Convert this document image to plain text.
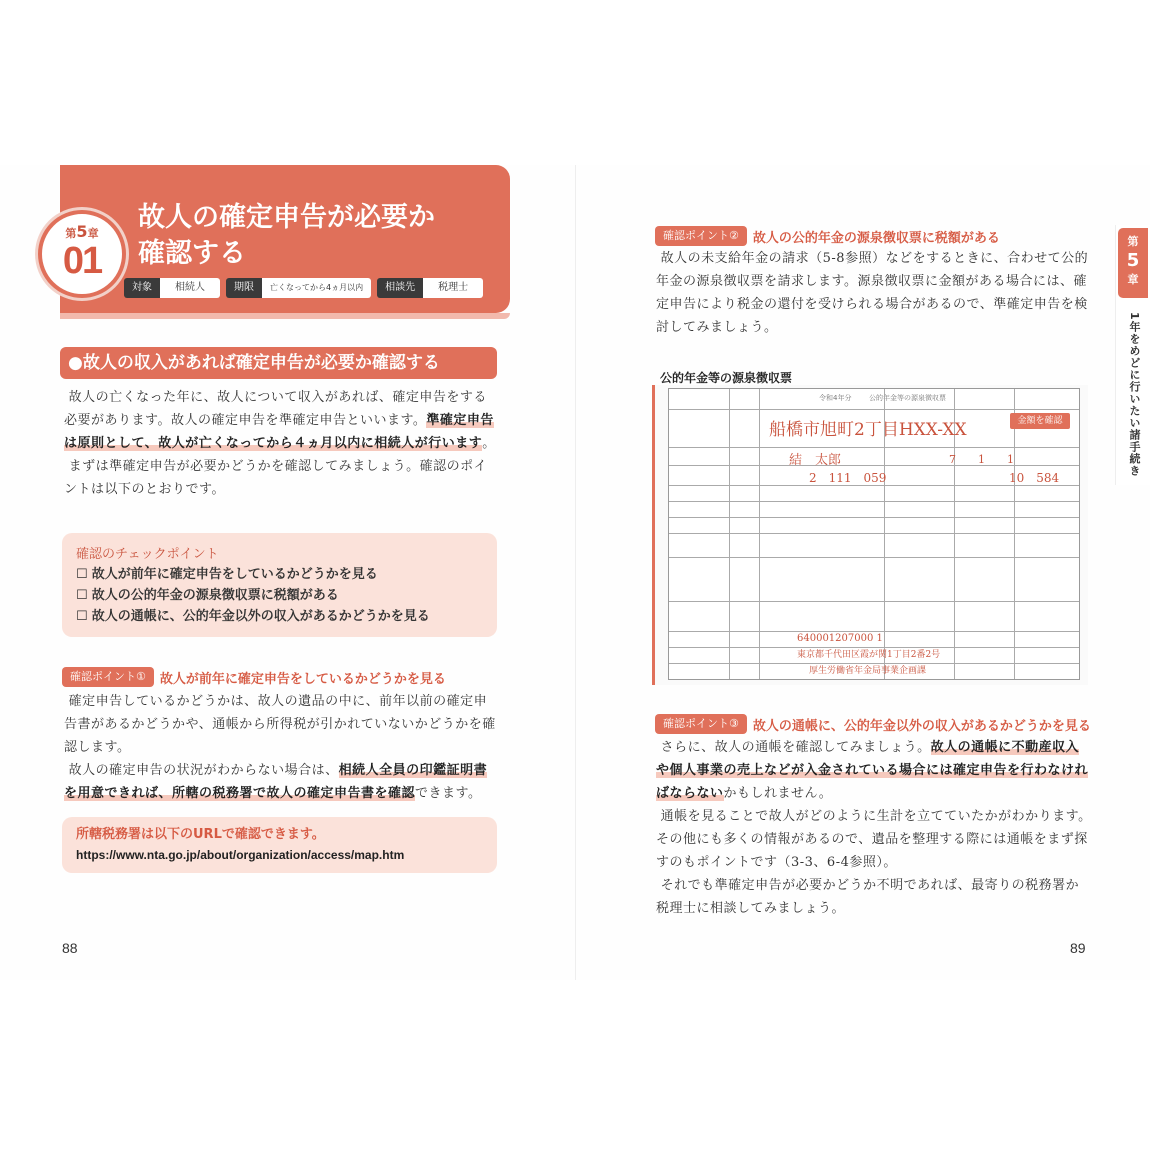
第5章
01
故人の確定申告が必要か
確認する
対象	相続人	期限	亡くなってから4ヵ月以内	相談先	税理士
●故人の収入があれば確定申告が必要か確認する
故人の亡くなった年に、故人について収入があれば、確定申告をする必要があります。故人の確定申告を準確定申告といいます。準確定申告は原則として、故人が亡くなってから４ヵ月以内に相続人が行います。
まずは準確定申告が必要かどうかを確認してみましょう。確認のポイントは以下のとおりです。
確認のチェックポイント
☐ 故人が前年に確定申告をしているかどうかを見る
☐ 故人の公的年金の源泉徴収票に税額がある
☐ 故人の通帳に、公的年金以外の収入があるかどうかを見る
確認ポイント①	故人が前年に確定申告をしているかどうかを見る
確定申告しているかどうかは、故人の遺品の中に、前年以前の確定申告書があるかどうかや、通帳から所得税が引かれていないかどうかを確認します。
故人の確定申告の状況がわからない場合は、相続人全員の印鑑証明書を用意できれば、所轄の税務署で故人の確定申告書を確認できます。
所轄税務署は以下のURLで確認できます。
https://www.nta.go.jp/about/organization/access/map.htm
88
確認ポイント②	故人の公的年金の源泉徴収票に税額がある
故人の未支給年金の請求（5-8参照）などをするときに、合わせて公的年金の源泉徴収票を請求します。源泉徴収票に金額がある場合には、確定申告により税金の還付を受けられる場合があるので、準確定申告を検討してみましょう。
公的年金等の源泉徴収票
令和4年分	公的年金等の源泉徴収票
船橋市旭町2丁目HXX-XX
結　太郎	7　　1　　1
2　111　059	10　584
640001207000 1
東京都千代田区霞が関1丁目2番2号
厚生労働省年金局事業企画課
金額を確認
確認ポイント③	故人の通帳に、公的年金以外の収入があるかどうかを見る
さらに、故人の通帳を確認してみましょう。故人の通帳に不動産収入や個人事業の売上などが入金されている場合には確定申告を行わなければならないかもしれません。
通帳を見ることで故人がどのように生計を立てていたかがわかります。その他にも多くの情報があるので、遺品を整理する際には通帳をまず探すのもポイントです（3-3、6-4参照）。
それでも準確定申告が必要かどうか不明であれば、最寄りの税務署か税理士に相談してみましょう。
89
第
5
章
1年をめどに行いたい諸手続き
